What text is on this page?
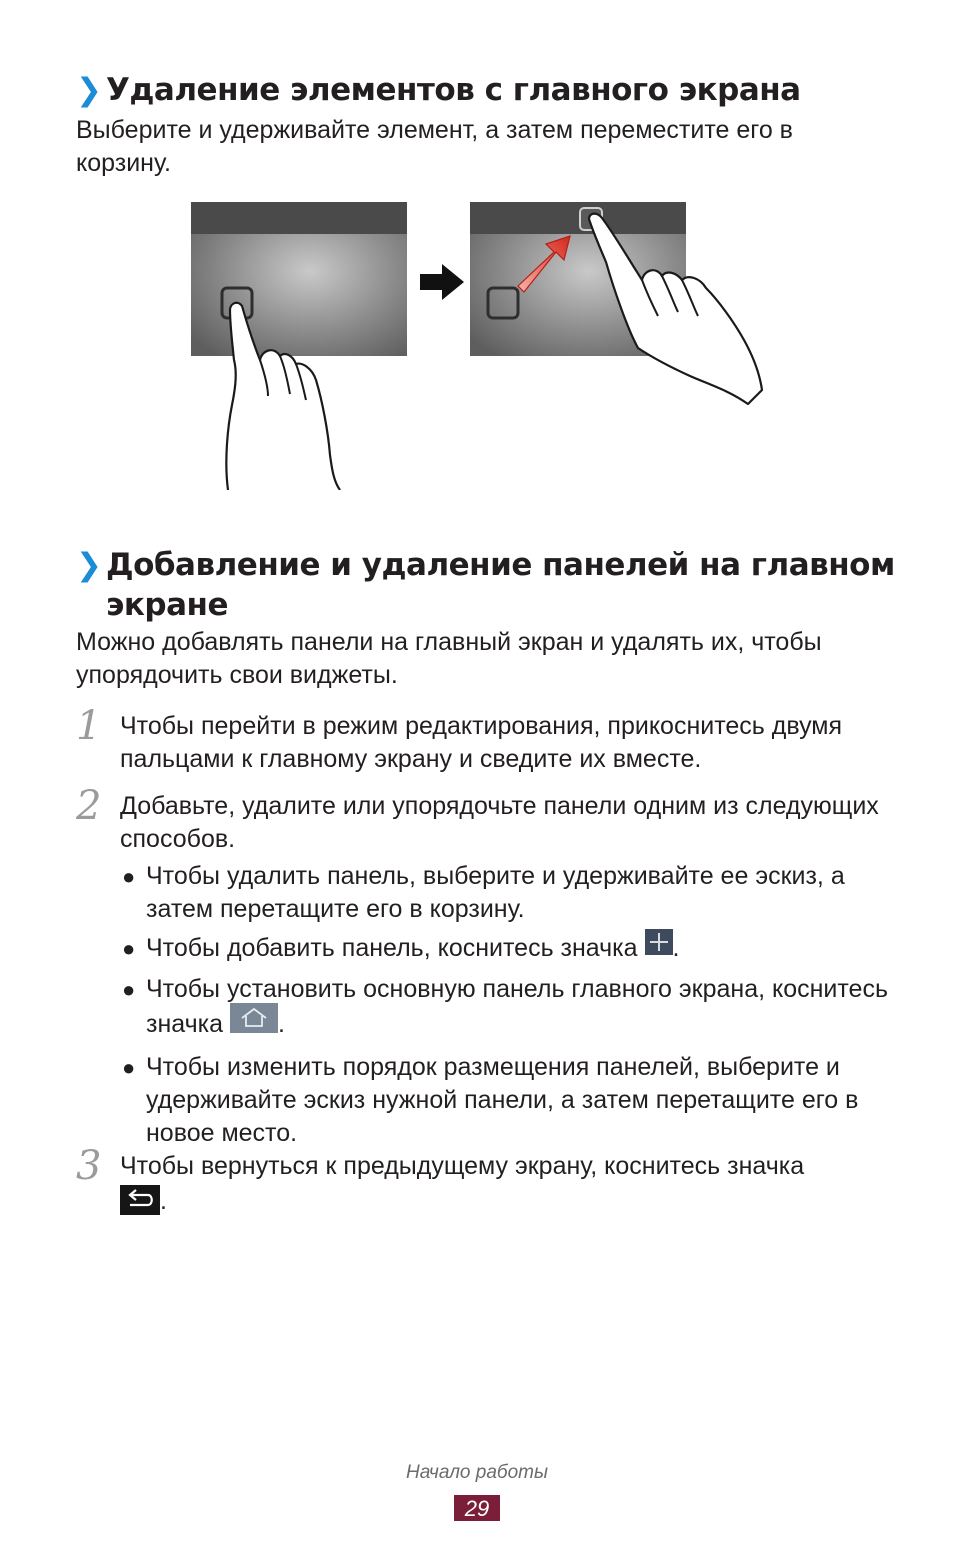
❯ Удаление элементов с главного экрана

Выберите и удерживайте элемент, а затем переместите его в корзину.

❯ Добавление и удаление панелей на главном
экране

Можно добавлять панели на главный экран и удалять их, чтобы упорядочить свои виджеты.

1 Чтобы перейти в режим редактирования, прикоснитесь двумя пальцами к главному экрану и сведите их вместе.
2 Добавьте, удалите или упорядочьте панели одним из следующих способов.
● Чтобы удалить панель, выберите и удерживайте ее эскиз, а затем перетащите его в корзину.
● Чтобы добавить панель, коснитесь значка .
● Чтобы установить основную панель главного экрана, коснитесь значка .
● Чтобы изменить порядок размещения панелей, выберите и удерживайте эскиз нужной панели, а затем перетащите его в новое место.
3 Чтобы вернуться к предыдущему экрану, коснитесь значка
.
Начало работы
29
